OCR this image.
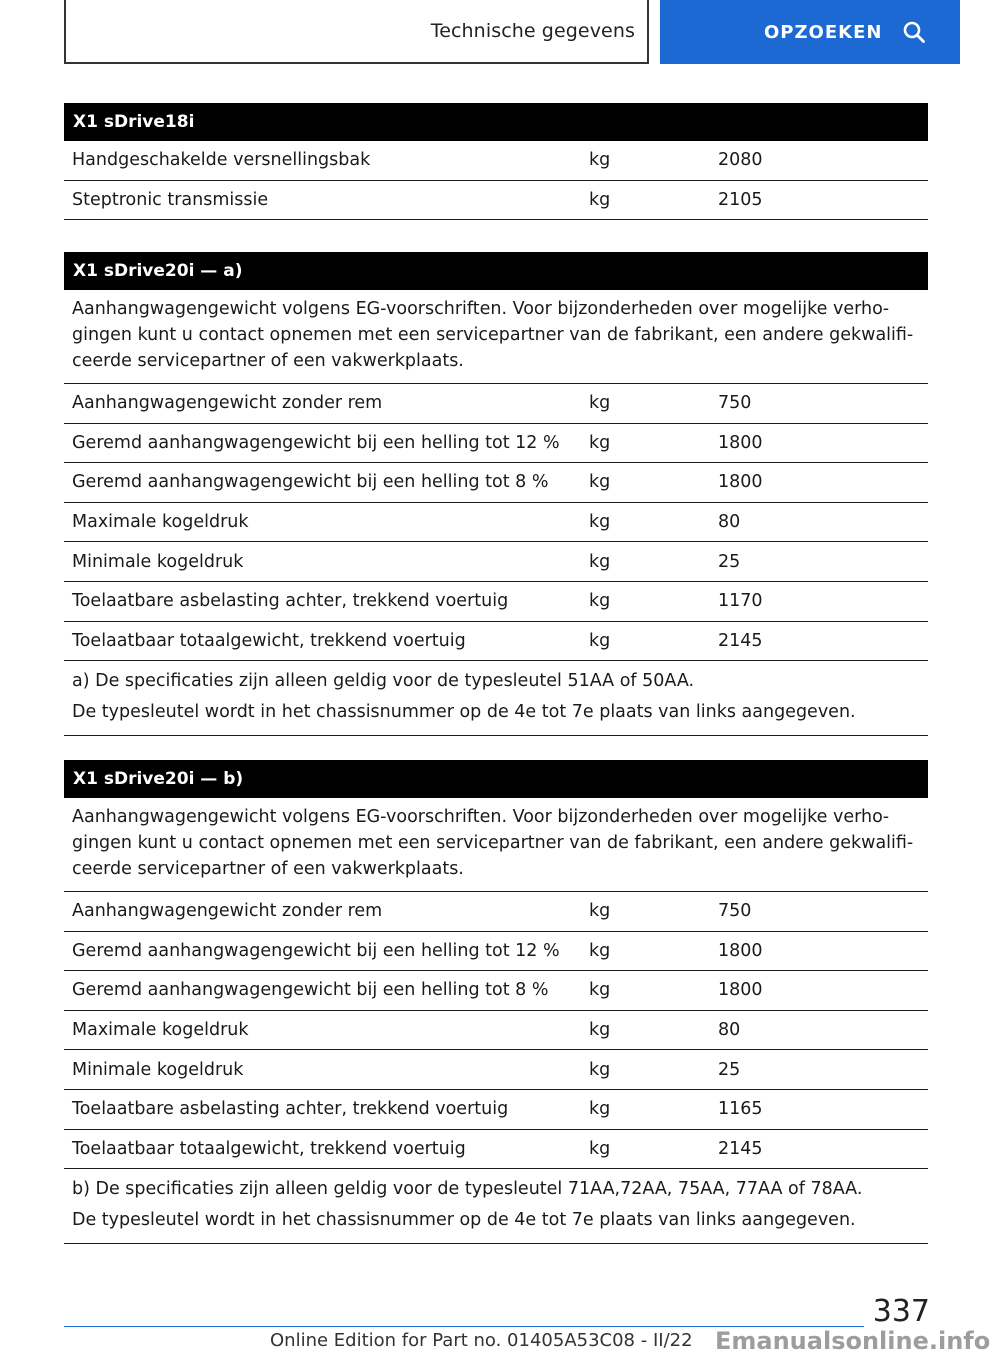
Technische gegevens	OPZOEKEN
X1 sDrive18i
Handgeschakelde versnellingsbak	kg	2080
Steptronic transmissie	kg	2105
X1 sDrive20i — a)
Aanhangwagengewicht volgens EG-voorschriften. Voor bijzonderheden over mogelijke verhogingen kunt u contact opnemen met een servicepartner van de fabrikant, een andere gekwalificeerde servicepartner of een vakwerkplaats.
Aanhangwagengewicht zonder rem	kg	750
Geremd aanhangwagengewicht bij een helling tot 12 %	kg	1800
Geremd aanhangwagengewicht bij een helling tot 8 %	kg	1800
Maximale kogeldruk	kg	80
Minimale kogeldruk	kg	25
Toelaatbare asbelasting achter, trekkend voertuig	kg	1170
Toelaatbaar totaalgewicht, trekkend voertuig	kg	2145
a) De specificaties zijn alleen geldig voor de typesleutel 51AA of 50AA.
De typesleutel wordt in het chassisnummer op de 4e tot 7e plaats van links aangegeven.
X1 sDrive20i — b)
Aanhangwagengewicht volgens EG-voorschriften. Voor bijzonderheden over mogelijke verhogingen kunt u contact opnemen met een servicepartner van de fabrikant, een andere gekwalificeerde servicepartner of een vakwerkplaats.
Aanhangwagengewicht zonder rem	kg	750
Geremd aanhangwagengewicht bij een helling tot 12 %	kg	1800
Geremd aanhangwagengewicht bij een helling tot 8 %	kg	1800
Maximale kogeldruk	kg	80
Minimale kogeldruk	kg	25
Toelaatbare asbelasting achter, trekkend voertuig	kg	1165
Toelaatbaar totaalgewicht, trekkend voertuig	kg	2145
b) De specificaties zijn alleen geldig voor de typesleutel 71AA,72AA, 75AA, 77AA of 78AA.
De typesleutel wordt in het chassisnummer op de 4e tot 7e plaats van links aangegeven.
337
Online Edition for Part no. 01405A53C08 - II/22 Emanualsonline.info
